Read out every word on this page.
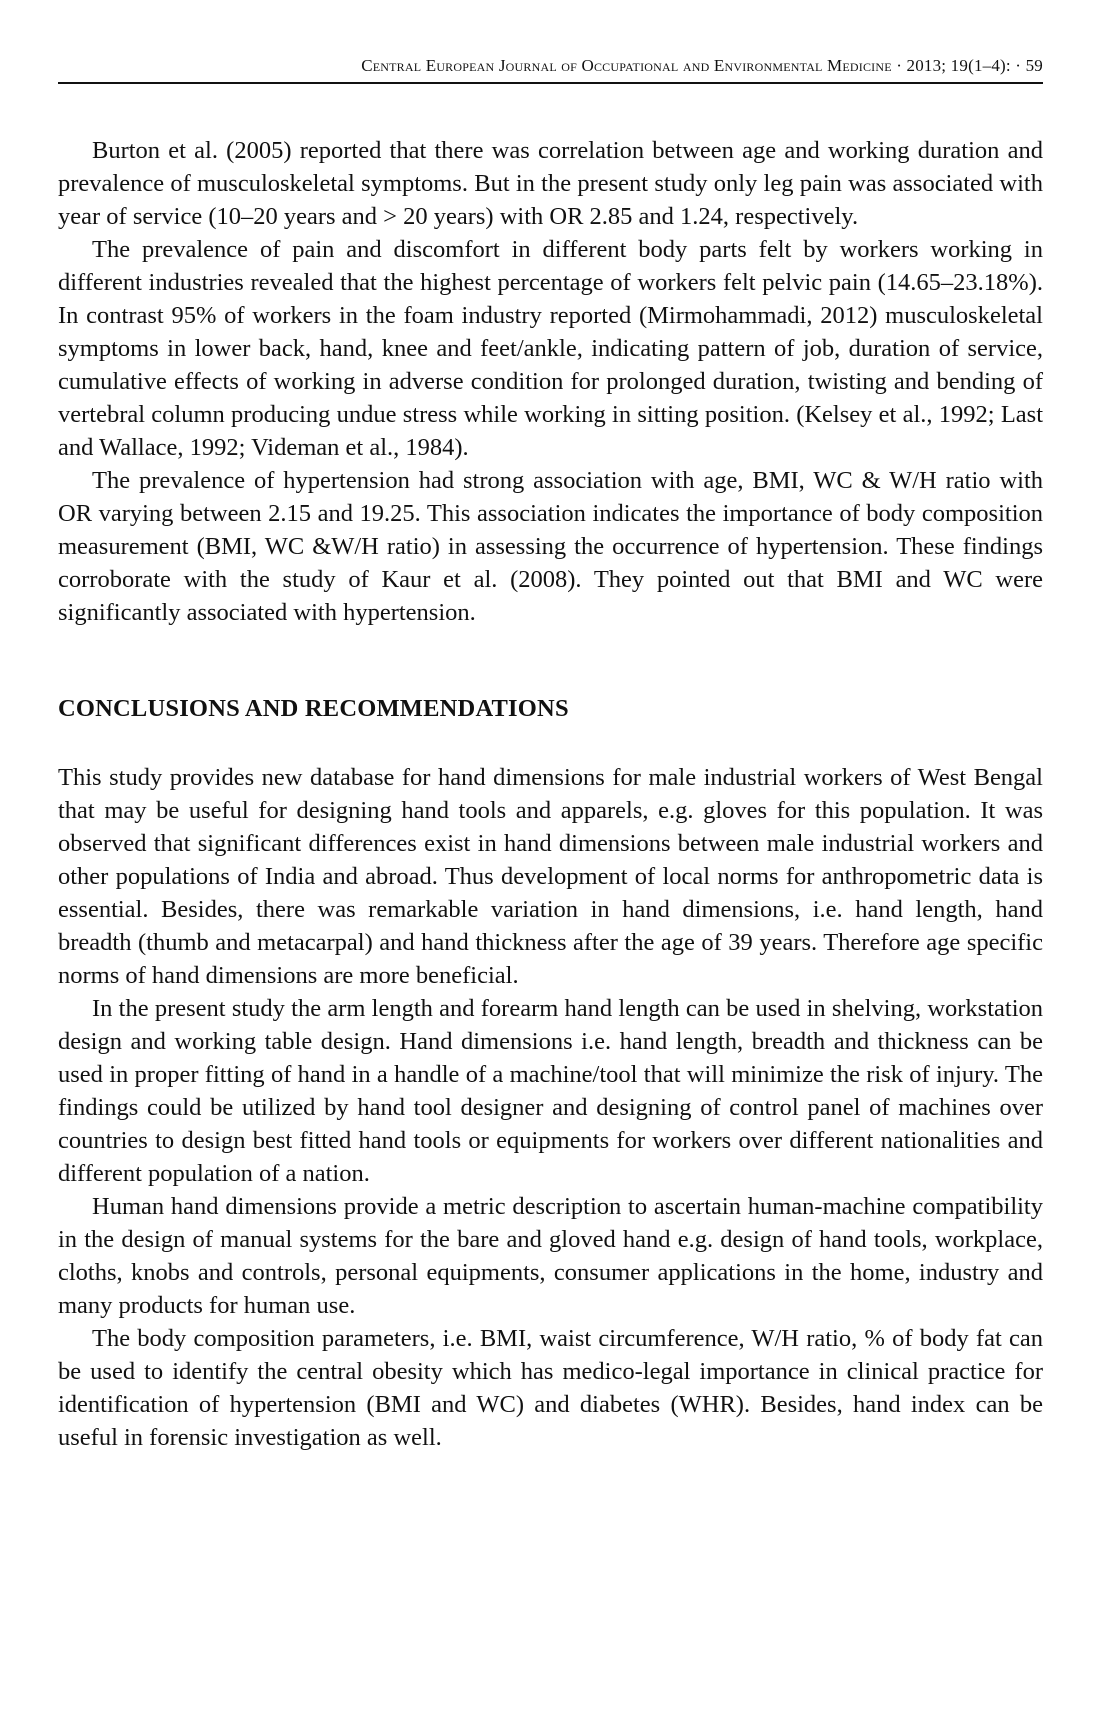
Central European Journal of Occupational and Environmental Medicine · 2013; 19(1–4): · 59

Burton et al. (2005) reported that there was correlation between age and working duration and prevalence of musculoskeletal symptoms. But in the present study only leg pain was associated with year of service (10–20 years and > 20 years) with OR 2.85 and 1.24, respectively.

The prevalence of pain and discomfort in different body parts felt by workers working in different industries revealed that the highest percentage of workers felt pelvic pain (14.65–23.18%). In contrast 95% of workers in the foam industry reported (Mirmohammadi, 2012) musculoskeletal symptoms in lower back, hand, knee and feet/ankle, indicating pattern of job, duration of service, cumulative effects of working in adverse condition for prolonged duration, twisting and bending of vertebral column producing undue stress while working in sitting position. (Kelsey et al., 1992; Last and Wallace, 1992; Videman et al., 1984).

The prevalence of hypertension had strong association with age, BMI, WC & W/H ratio with OR varying between 2.15 and 19.25. This association indicates the importance of body composition measurement (BMI, WC &W/H ratio) in assessing the occurrence of hypertension. These findings corroborate with the study of Kaur et al. (2008). They pointed out that BMI and WC were significantly associated with hypertension.

CONCLUSIONS AND RECOMMENDATIONS

This study provides new database for hand dimensions for male industrial workers of West Bengal that may be useful for designing hand tools and apparels, e.g. gloves for this population. It was observed that significant differences exist in hand dimensions between male industrial workers and other populations of India and abroad. Thus development of local norms for anthropometric data is essential. Besides, there was remarkable variation in hand dimensions, i.e. hand length, hand breadth (thumb and metacarpal) and hand thickness after the age of 39 years. Therefore age specific norms of hand dimensions are more beneficial.

In the present study the arm length and forearm hand length can be used in shelving, workstation design and working table design. Hand dimensions i.e. hand length, breadth and thickness can be used in proper fitting of hand in a handle of a machine/tool that will minimize the risk of injury. The findings could be utilized by hand tool designer and designing of control panel of machines over countries to design best fitted hand tools or equipments for workers over different nationalities and different population of a nation.

Human hand dimensions provide a metric description to ascertain human-machine compatibility in the design of manual systems for the bare and gloved hand e.g. design of hand tools, workplace, cloths, knobs and controls, personal equipments, consumer applications in the home, industry and many products for human use.

The body composition parameters, i.e. BMI, waist circumference, W/H ratio, % of body fat can be used to identify the central obesity which has medico-legal importance in clinical practice for identification of hypertension (BMI and WC) and diabetes (WHR). Besides, hand index can be useful in forensic investigation as well.
